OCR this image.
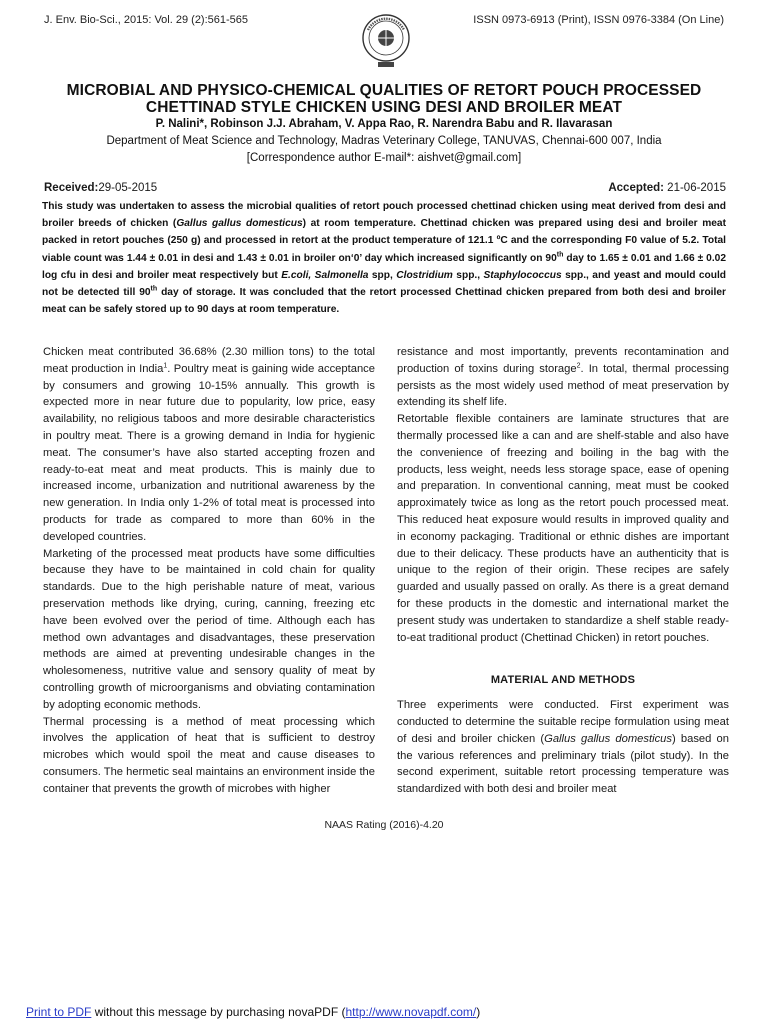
J. Env. Bio-Sci., 2015: Vol. 29 (2):561-565	ISSN 0973-6913 (Print), ISSN 0976-3384 (On Line)
MICROBIAL AND PHYSICO-CHEMICAL QUALITIES OF RETORT POUCH PROCESSED
CHETTINAD STYLE CHICKEN USING DESI AND BROILER MEAT
P. Nalini*, Robinson J.J. Abraham, V. Appa Rao, R. Narendra Babu and R. Ilavarasan
Department of Meat Science and Technology, Madras Veterinary College, TANUVAS, Chennai-600 007, India
[Correspondence author E-mail*: aishvet@gmail.com]
Received:29-05-2015	Accepted: 21-06-2015
This study was undertaken to assess the microbial qualities of retort pouch processed chettinad chicken using meat derived from desi and broiler breeds of chicken (Gallus gallus domesticus) at room temperature. Chettinad chicken was prepared using desi and broiler meat packed in retort pouches (250 g) and processed in retort at the product temperature of 121.1 ºC and the corresponding F0 value of 5.2. Total viable count was 1.44 ± 0.01 in desi and 1.43 ± 0.01 in broiler on‘0’ day which increased significantly on 90th day to 1.65 ± 0.01 and 1.66 ± 0.02 log cfu in desi and broiler meat respectively but E.coli, Salmonella spp, Clostridium spp., Staphylococcus spp., and yeast and mould could not be detected till 90th day of storage. It was concluded that the retort processed Chettinad chicken prepared from both desi and broiler meat can be safely stored up to 90 days at room temperature.

Chicken meat contributed 36.68% (2.30 million tons) to the total meat production in India$^1$. Poultry meat is gaining wide acceptance by consumers and growing 10-15% annually. This growth is expected more in near future due to popularity, low price, easy availability, no religious taboos and more desirable characteristics in poultry meat. There is a growing demand in India for hygienic meat. The consumer’s have also started accepting frozen and ready-to-eat meat and meat products. This is mainly due to increased income, urbanization and nutritional awareness by the new generation. In India only 1-2% of total meat is processed into products for trade as compared to more than 60% in the developed countries.

Marketing of the processed meat products have some difficulties because they have to be maintained in cold chain for quality standards. Due to the high perishable nature of meat, various preservation methods like drying, curing, canning, freezing etc have been evolved over the period of time. Although each has method own advantages and disadvantages, these preservation methods are aimed at preventing undesirable changes in the wholesomeness, nutritive value and sensory quality of meat by controlling growth of microorganisms and obviating contamination by adopting economic methods.

Thermal processing is a method of meat processing which involves the application of heat that is sufficient to destroy microbes which would spoil the meat and cause diseases to consumers. The hermetic seal maintains an environment inside the container that prevents the growth of microbes with higher

resistance and most importantly, prevents recontamination and production of toxins during storage$^2$. In total, thermal processing persists as the most widely used method of meat preservation by extending its shelf life.

Retortable flexible containers are laminate structures that are thermally processed like a can and are shelf-stable and also have the convenience of freezing and boiling in the bag with the products, less weight, needs less storage space, ease of opening and preparation. In conventional canning, meat must be cooked approximately twice as long as the retort pouch processed meat. This reduced heat exposure would results in improved quality and in economy packaging. Traditional or ethnic dishes are important due to their delicacy. These products have an authenticity that is unique to the region of their origin. These recipes are safely guarded and usually passed on orally. As there is a great demand for these products in the domestic and international market the present study was undertaken to standardize a shelf stable ready-to-eat traditional product (Chettinad Chicken) in retort pouches.

MATERIAL AND METHODS

Three experiments were conducted. First experiment was conducted to determine the suitable recipe formulation using meat of desi and broiler chicken (Gallus gallus domesticus) based on the various references and preliminary trials (pilot study). In the second experiment, suitable retort processing temperature was standardized with both desi and broiler meat

NAAS Rating (2016)-4.20
Print to PDF without this message by purchasing novaPDF (http://www.novapdf.com/)
